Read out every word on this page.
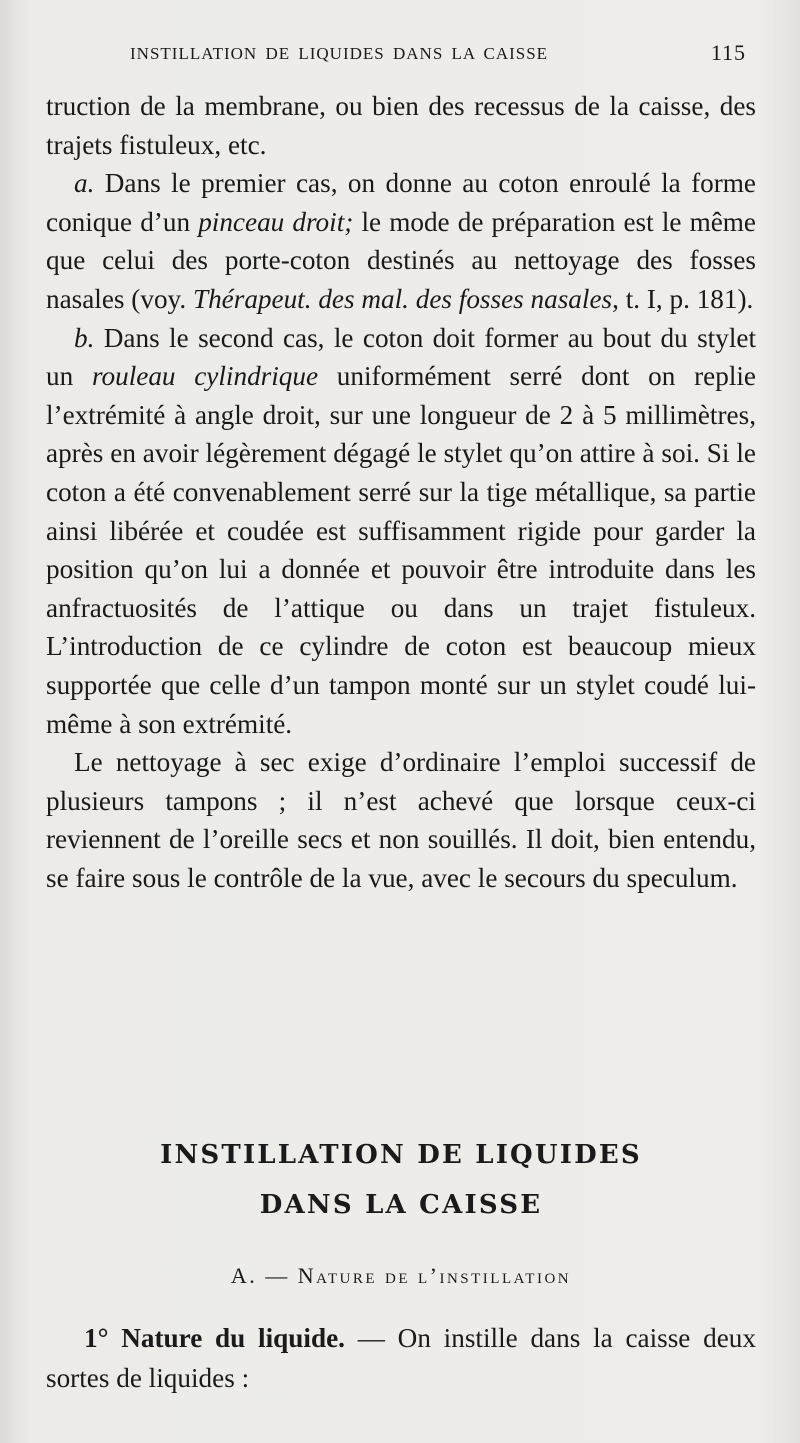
INSTILLATION DE LIQUIDES DANS LA CAISSE	115

truction de la membrane, ou bien des recessus de la caisse, des trajets fistuleux, etc.

a. Dans le premier cas, on donne au coton enroulé la forme conique d’un pinceau droit; le mode de préparation est le même que celui des porte-coton destinés au nettoyage des fosses nasales (voy. Thérapeut. des mal. des fosses nasales, t. I, p. 181).

b. Dans le second cas, le coton doit former au bout du stylet un rouleau cylindrique uniformément serré dont on replie l’extrémité à angle droit, sur une longueur de 2 à 5 millimètres, après en avoir légèrement dégagé le stylet qu’on attire à soi. Si le coton a été convenablement serré sur la tige métallique, sa partie ainsi libérée et coudée est suffisamment rigide pour garder la position qu’on lui a donnée et pouvoir être introduite dans les anfractuosités de l’attique ou dans un trajet fistuleux. L’introduction de ce cylindre de coton est beaucoup mieux supportée que celle d’un tampon monté sur un stylet coudé lui-même à son extrémité.

Le nettoyage à sec exige d’ordinaire l’emploi successif de plusieurs tampons ; il n’est achevé que lorsque ceux-ci reviennent de l’oreille secs et non souillés. Il doit, bien entendu, se faire sous le contrôle de la vue, avec le secours du speculum.

INSTILLATION DE LIQUIDES
DANS LA CAISSE
A. — Nature de l’instillation

1° Nature du liquide. — On instille dans la caisse deux sortes de liquides :
